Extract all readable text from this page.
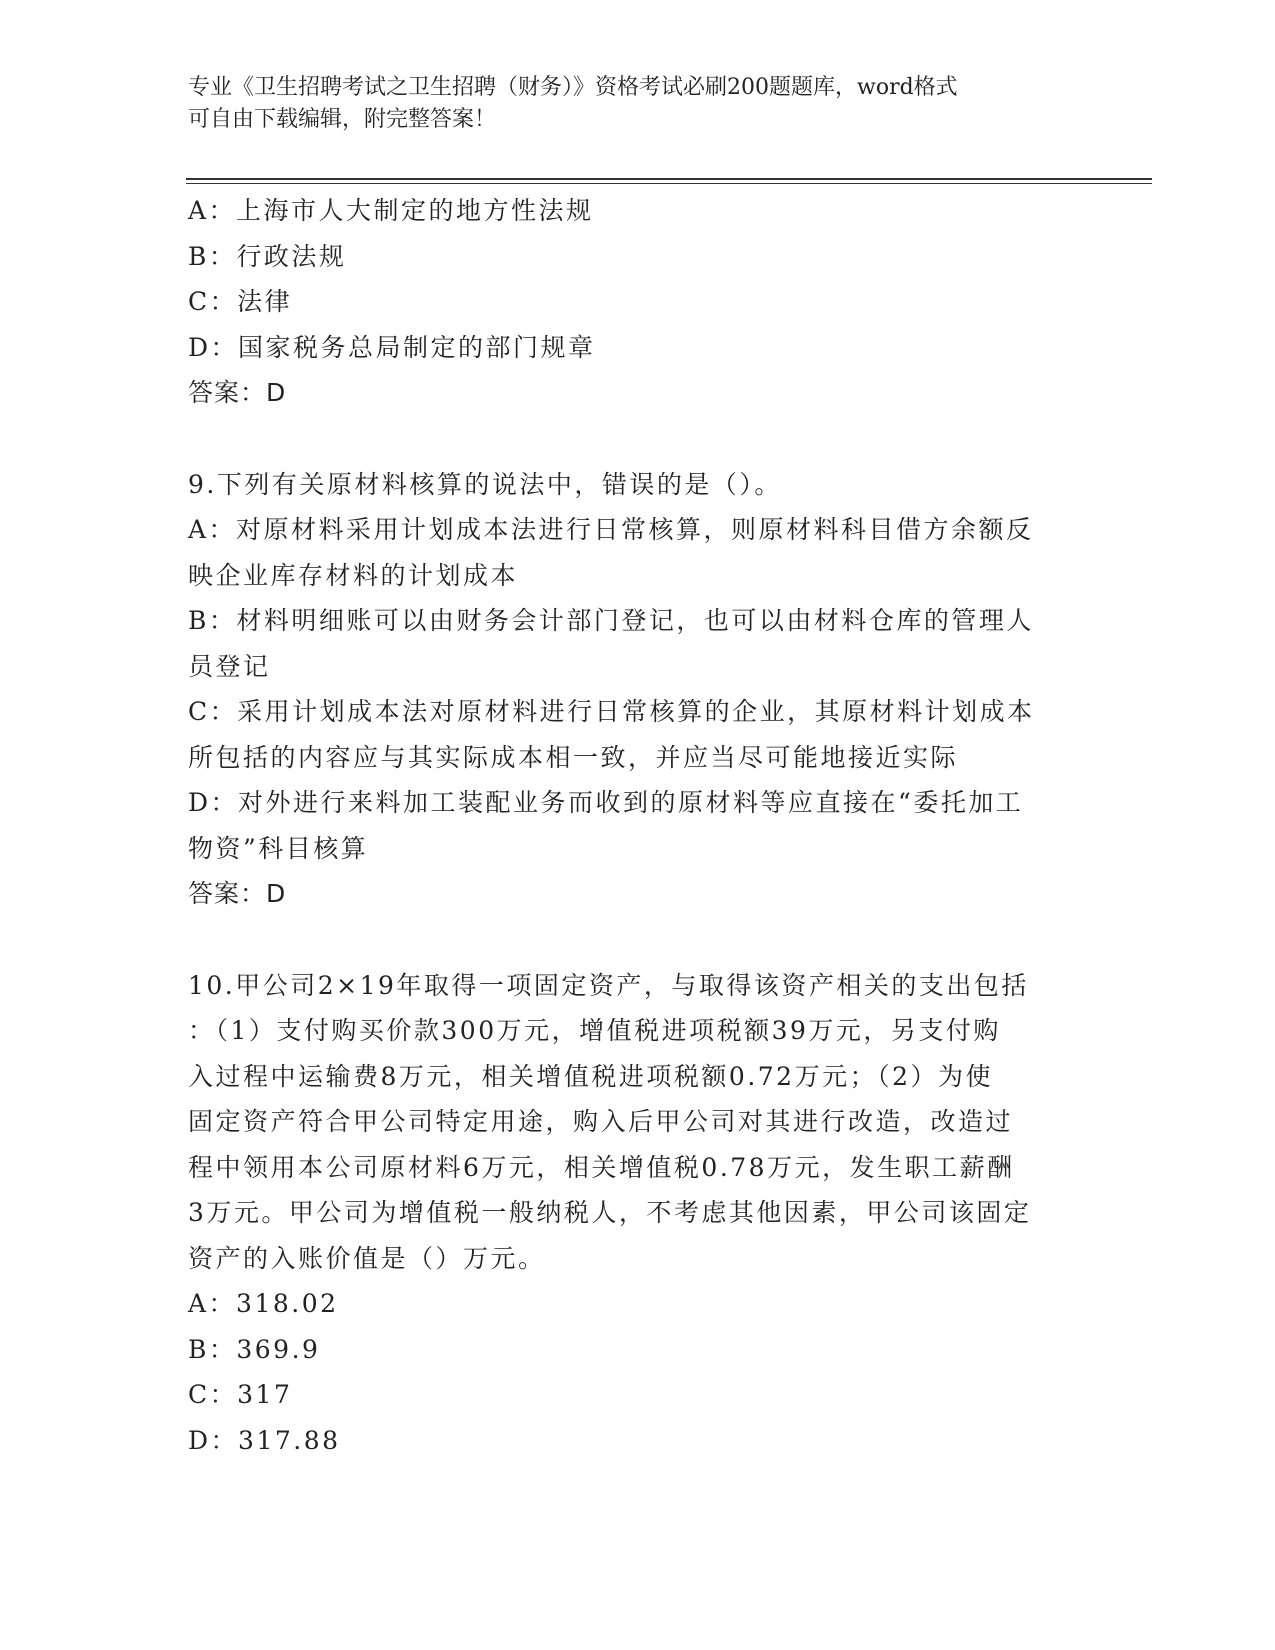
专业《卫生招聘考试之卫生招聘（财务）》资格考试必刷200题题库，word格式
可自由下载编辑，附完整答案！

A：上海市人大制定的地方性法规

B：行政法规

C：法律

D：国家税务总局制定的部门规章

答案：D

9.下列有关原材料核算的说法中，错误的是（）。

A：对原材料采用计划成本法进行日常核算，则原材料科目借方余额反
映企业库存材料的计划成本

B：材料明细账可以由财务会计部门登记，也可以由材料仓库的管理人
员登记

C：采用计划成本法对原材料进行日常核算的企业，其原材料计划成本
所包括的内容应与其实际成本相一致，并应当尽可能地接近实际

D：对外进行来料加工装配业务而收到的原材料等应直接在“委托加工
物资”科目核算

答案：D

10.甲公司2×19年取得一项固定资产，与取得该资产相关的支出包括
：（1）支付购买价款300万元，增值税进项税额39万元，另支付购
入过程中运输费8万元，相关增值税进项税额0.72万元；（2）为使
固定资产符合甲公司特定用途，购入后甲公司对其进行改造，改造过
程中领用本公司原材料6万元，相关增值税0.78万元，发生职工薪酬
3万元。甲公司为增值税一般纳税人，不考虑其他因素，甲公司该固定
资产的入账价值是（）万元。

A：318.02

B：369.9

C：317

D：317.88
